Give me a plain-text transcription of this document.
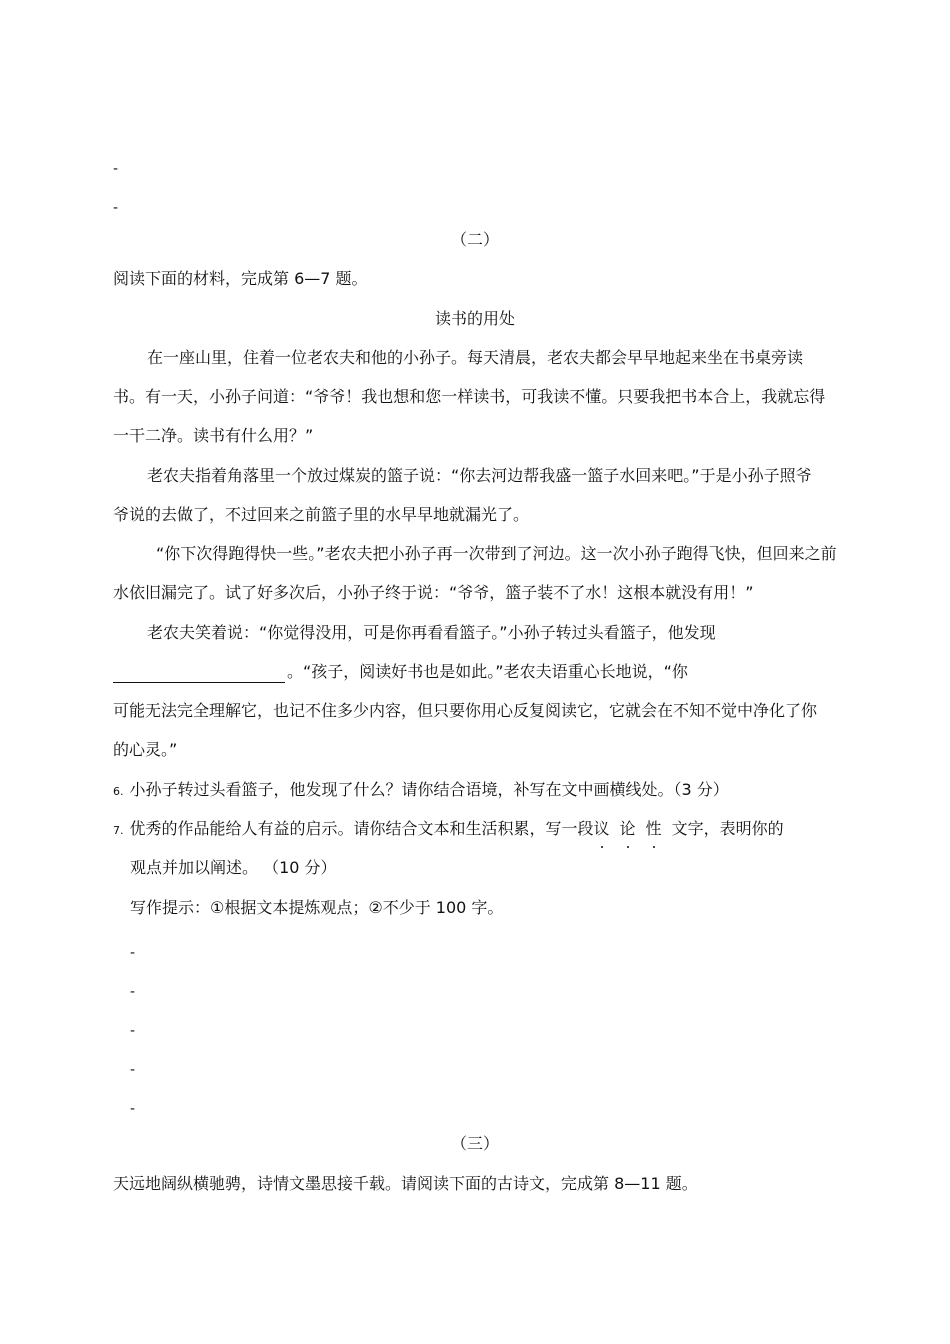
-
-
（二）
阅读下面的材料，完成第 6—7 题。
读书的用处
在一座山里，住着一位老农夫和他的小孙子。每天清晨，老农夫都会早早地起来坐在书桌旁读
书。有一天，小孙子问道：“爷爷！我也想和您一样读书，可我读不懂。只要我把书本合上，我就忘得
一干二净。读书有什么用？”
老农夫指着角落里一个放过煤炭的篮子说：“你去河边帮我盛一篮子水回来吧。”于是小孙子照爷
爷说的去做了，不过回来之前篮子里的水早早地就漏光了。
“你下次得跑得快一些。”老农夫把小孙子再一次带到了河边。这一次小孙子跑得飞快，但回来之前
水依旧漏完了。试了好多次后，小孙子终于说：“爷爷，篮子装不了水！这根本就没有用！”
老农夫笑着说：“你觉得没用，可是你再看看篮子。”小孙子转过头看篮子，他发现
。“孩子，阅读好书也是如此。”老农夫语重心长地说，“你
可能无法完全理解它，也记不住多少内容，但只要你用心反复阅读它，它就会在不知不觉中净化了你
的心灵。”
6. 小孙子转过头看篮子，他发现了什么？请你结合语境，补写在文中画横线处。（3 分）
7. 优秀的作品能给人有益的启示。请你结合文本和生活积累，写一段议 论 性 文字，表明你的
观点并加以阐述。 （10 分）
写作提示：①根据文本提炼观点；②不少于 100 字。
-
-
-
-
-
（三）
天远地阔纵横驰骋，诗情文墨思接千载。请阅读下面的古诗文，完成第 8—11 题。
